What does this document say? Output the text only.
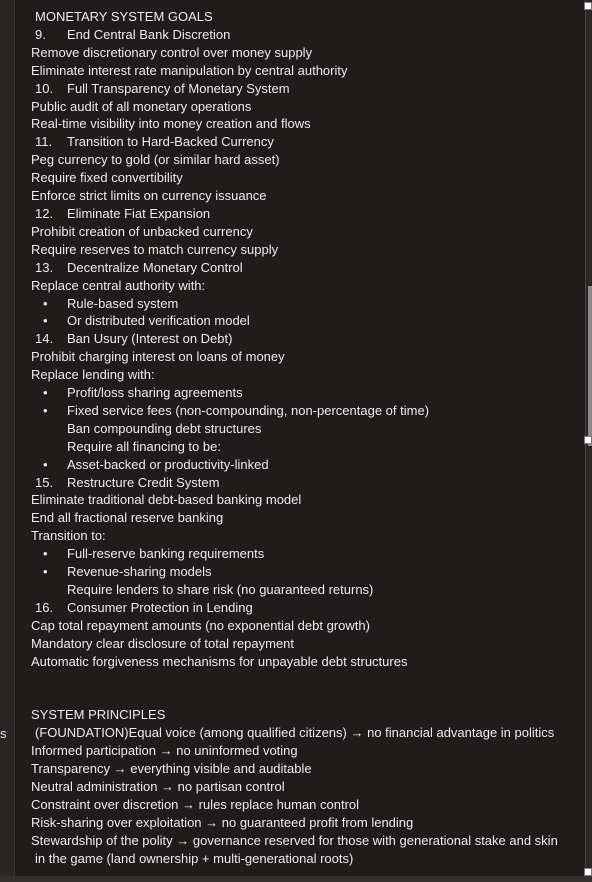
s
MONETARY SYSTEM GOALS
9. End Central Bank Discretion
Remove discretionary control over money supply
Eliminate interest rate manipulation by central authority
10. Full Transparency of Monetary System
Public audit of all monetary operations
Real-time visibility into money creation and flows
11. Transition to Hard-Backed Currency
Peg currency to gold (or similar hard asset)
Require fixed convertibility
Enforce strict limits on currency issuance
12. Eliminate Fiat Expansion
Prohibit creation of unbacked currency
Require reserves to match currency supply
13. Decentralize Monetary Control
Replace central authority with:
• Rule-based system
• Or distributed verification model
14. Ban Usury (Interest on Debt)
Prohibit charging interest on loans of money
Replace lending with:
• Profit/loss sharing agreements
• Fixed service fees (non-compounding, non-percentage of time)
Ban compounding debt structures
Require all financing to be:
• Asset-backed or productivity-linked
15. Restructure Credit System
Eliminate traditional debt-based banking model
End all fractional reserve banking
Transition to:
• Full-reserve banking requirements
• Revenue-sharing models
Require lenders to share risk (no guaranteed returns)
16. Consumer Protection in Lending
Cap total repayment amounts (no exponential debt growth)
Mandatory clear disclosure of total repayment
Automatic forgiveness mechanisms for unpayable debt structures
SYSTEM PRINCIPLES
(FOUNDATION)Equal voice (among qualified citizens) → no financial advantage in politics
Informed participation → no uninformed voting
Transparency → everything visible and auditable
Neutral administration → no partisan control
Constraint over discretion → rules replace human control
Risk-sharing over exploitation → no guaranteed profit from lending
Stewardship of the polity → governance reserved for those with generational stake and skin
in the game (land ownership + multi-generational roots)
